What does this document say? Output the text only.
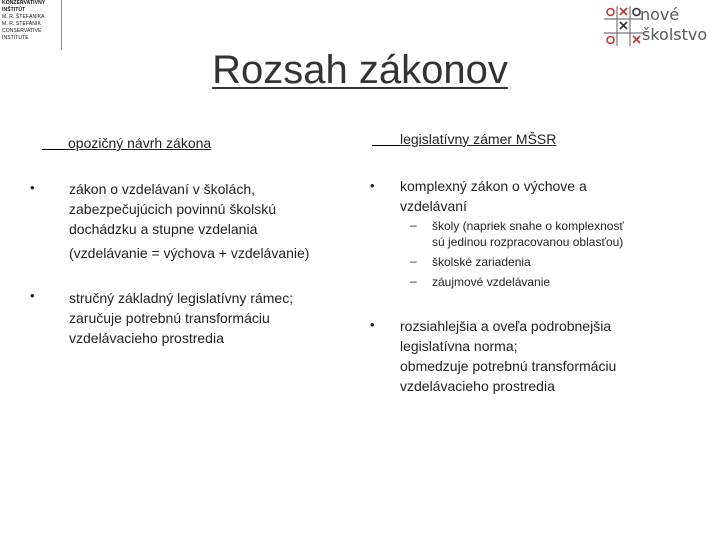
KONZERVATÍVNY
INŠTITÚT
M. R. ŠTEFÁNIKA
M. R. STEFANIK
CONSERVATIVE
INSTITUTE
nové
školstvo
Rozsah zákonov
opozičný návrh zákona
• zákon o vzdelávaní v školách,
zabezpečujúcich povinnú školskú
dochádzku a stupne vzdelania
(vzdelávanie = výchova + vzdelávanie)
• stručný základný legislatívny rámec;
zaručuje potrebnú transformáciu
vzdelávacieho prostredia
legislatívny zámer MŠSR
• komplexný zákon o výchove a
vzdelávaní
– školy (napriek snahe o komplexnosť
sú jedinou rozpracovanou oblasťou)
– školské zariadenia
– záujmové vzdelávanie
• rozsiahlejšia a oveľa podrobnejšia
legislatívna norma;
obmedzuje potrebnú transformáciu
vzdelávacieho prostredia
